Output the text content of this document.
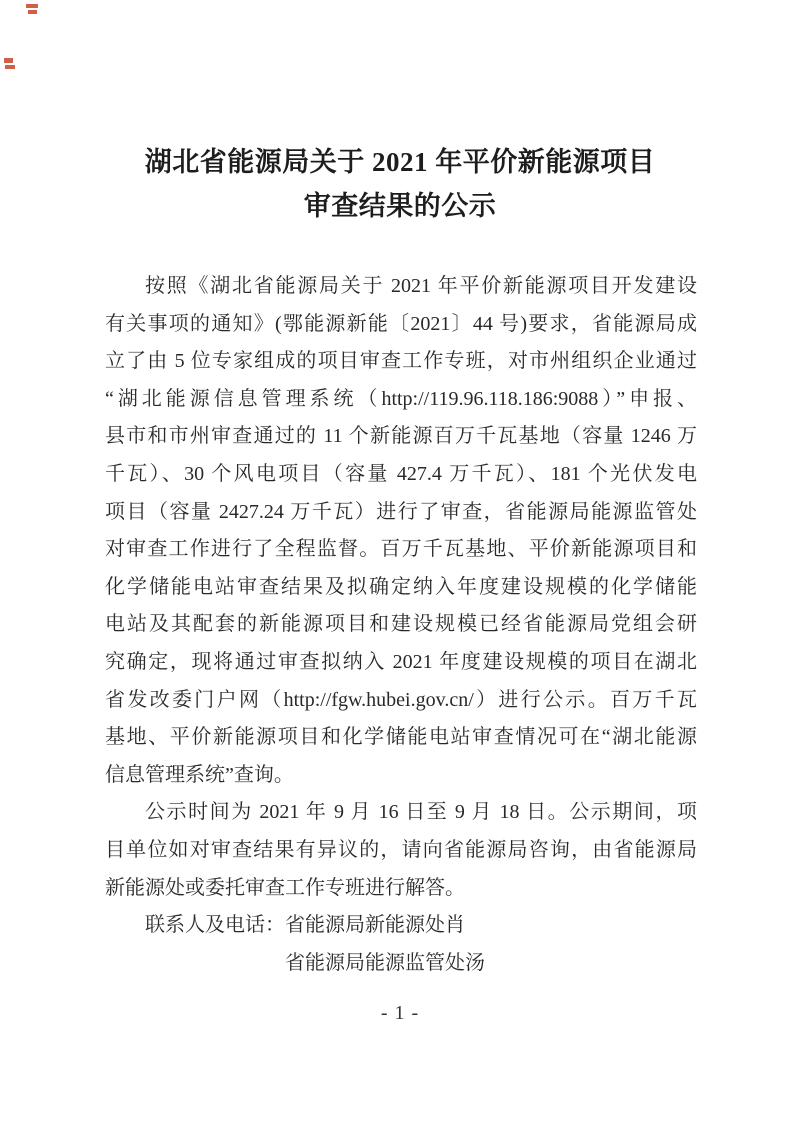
湖北省能源局关于 2021 年平价新能源项目
审查结果的公示
按照《湖北省能源局关于 2021 年平价新能源项目开发建设
有关事项的通知》(鄂能源新能〔2021〕44 号)要求，省能源局成
立了由 5 位专家组成的项目审查工作专班，对市州组织企业通过
“湖北能源信息管理系统（http://119.96.118.186:9088）”申报、
县市和市州审查通过的 11 个新能源百万千瓦基地（容量 1246 万
千瓦）、30 个风电项目（容量 427.4 万千瓦）、181 个光伏发电
项目（容量 2427.24 万千瓦）进行了审查，省能源局能源监管处
对审查工作进行了全程监督。百万千瓦基地、平价新能源项目和
化学储能电站审查结果及拟确定纳入年度建设规模的化学储能
电站及其配套的新能源项目和建设规模已经省能源局党组会研
究确定，现将通过审查拟纳入 2021 年度建设规模的项目在湖北
省发改委门户网（http://fgw.hubei.gov.cn/）进行公示。百万千瓦
基地、平价新能源项目和化学储能电站审查情况可在“湖北能源
信息管理系统”查询。
公示时间为 2021 年 9 月 16 日至 9 月 18 日。公示期间，项
目单位如对审查结果有异议的，请向省能源局咨询，由省能源局
新能源处或委托审查工作专班进行解答。
联系人及电话：省能源局新能源处肖
省能源局能源监管处汤
- 1 -
